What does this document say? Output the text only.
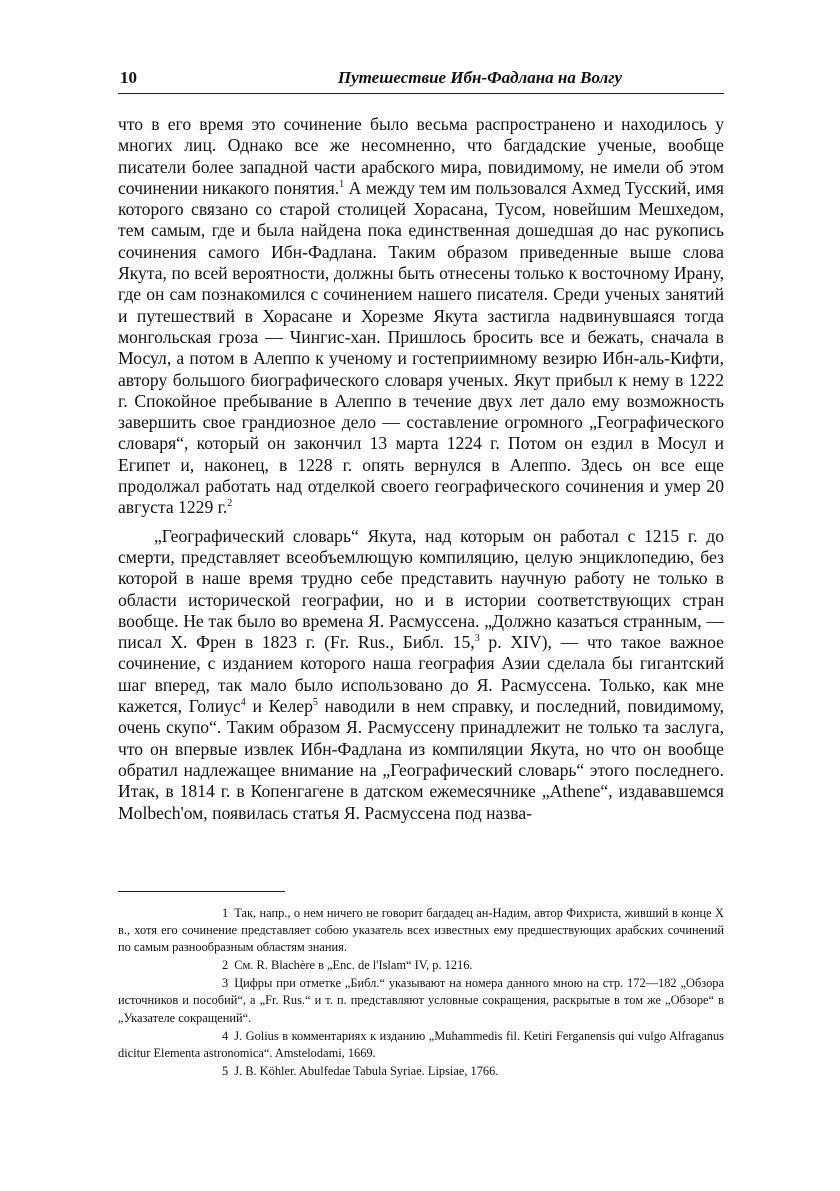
10	Путешествие Ибн-Фадлана на Волгу

что в его время это сочинение было весьма распространено и находилось у многих лиц. Однако все же несомненно, что багдадские ученые, вообще писатели более западной части арабского мира, повидимому, не имели об этом сочинении никакого понятия.$^1$ А между тем им пользовался Ахмед Тусский, имя которого связано со старой столицей Хорасана, Тусом, новейшим Мешхедом, тем самым, где и была найдена пока единственная дошедшая до нас рукопись сочинения самого Ибн-Фадлана. Таким образом приведенные выше слова Якута, по всей вероятности, должны быть отнесены только к восточному Ирану, где он сам познакомился с сочинением нашего писателя. Среди ученых занятий и путешествий в Хорасане и Хорезме Якута застигла надвинувшаяся тогда монгольская гроза — Чингис-хан. Пришлось бросить все и бежать, сначала в Мосул, а потом в Алеппо к ученому и гостеприимному везирю Ибн-аль-Кифти, автору большого биографического словаря ученых. Якут прибыл к нему в 1222 г. Спокойное пребывание в Алеппо в течение двух лет дало ему возможность завершить свое грандиозное дело — составление огромного „Географического словаря“, который он закончил 13 марта 1224 г. Потом он ездил в Мосул и Египет и, наконец, в 1228 г. опять вернулся в Алеппо. Здесь он все еще продолжал работать над отделкой своего географического сочинения и умер 20 августа 1229 г.$^2$

„Географический словарь“ Якута, над которым он работал с 1215 г. до смерти, представляет всеобъемлющую компиляцию, целую энциклопедию, без которой в наше время трудно себе представить научную работу не только в области исторической географии, но и в истории соответствующих стран вообще. Не так было во времена Я. Расмуссена. „Должно казаться странным, — писал Х. Френ в 1823 г. (Fr. Rus., Библ. 15,$^3$ p. XIV), — что такое важное сочинение, с изданием которого наша география Азии сделала бы гигантский шаг вперед, так мало было использовано до Я. Расмуссена. Только, как мне кажется, Голиус$^4$ и Келер$^5$ наводили в нем справку, и последний, повидимому, очень скупо“. Таким образом Я. Расмуссену принадлежит не только та заслуга, что он впервые извлек Ибн-Фадлана из компиляции Якута, но что он вообще обратил надлежащее внимание на „Географический словарь“ этого последнего. Итак, в 1814 г. в Копенгагене в датском ежемесячнике „Athene“, издававшемся Molbech'ом, появилась статья Я. Расмуссена под назва-

1 Так, напр., о нем ничего не говорит багдадец ан-Надим, автор Фихриста, живший в конце X в., хотя его сочинение представляет собою указатель всех известных ему предшествующих арабских сочинений по самым разнообразным областям знания.

2 См. R. Blachère в „Enc. de l'Islam“ IV, p. 1216.

3 Цифры при отметке „Библ.“ указывают на номера данного мною на стр. 172—182 „Обзора источников и пособий“, а „Fr. Rus.“ и т. п. представляют условные сокращения, раскрытые в том же „Обзоре“ в „Указателе сокращений“.

4 J. Golius в комментариях к изданию „Muhammedis fil. Ketiri Ferganensis qui vulgo Alfraganus dicitur Elementa astronomica“. Amstelodami, 1669.

5 J. B. Köhler. Abulfedae Tabula Syriae. Lipsiae, 1766.
